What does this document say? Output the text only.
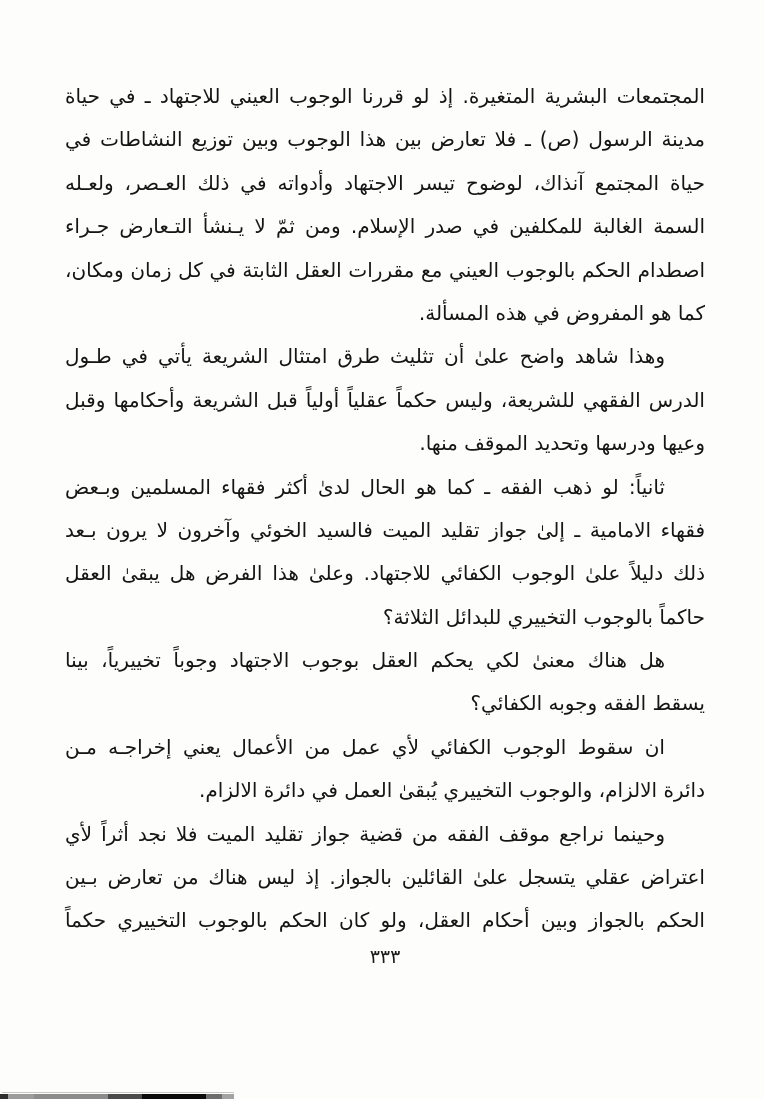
المجتمعات البشرية المتغيرة. إذ لو قررنا الوجوب العيني للاجتهاد ـ في حياة
مدينة الرسول (ص) ـ فلا تعارض بين هذا الوجوب وبين توزيع النشاطات في
حياة المجتمع آنذاك، لوضوح تيسر الاجتهاد وأدواته في ذلك العـصر، ولعـله
السمة الغالبة للمكلفين في صدر الإسلام. ومن ثمّ لا يـنشأ التـعارض جـراء
اصطدام الحكم بالوجوب العيني مع مقررات العقل الثابتة في كل زمان ومكان،
كما هو المفروض في هذه المسألة.
وهذا شاهد واضح علىٰ أن تثليث طرق امتثال الشريعة يأتي في طـول
الدرس الفقهي للشريعة، وليس حكماً عقلياً أولياً قبل الشريعة وأحكامها وقبل
وعيها ودرسها وتحديد الموقف منها.
ثانياً: لو ذهب الفقه ـ كما هو الحال لدىٰ أكثر فقهاء المسلمين وبـعض
فقهاء الامامية ـ إلىٰ جواز تقليد الميت فالسيد الخوئي وآخرون لا يرون بـعد
ذلك دليلاً علىٰ الوجوب الكفائي للاجتهاد. وعلىٰ هذا الفرض هل يبقىٰ العقل
حاكماً بالوجوب التخييري للبدائل الثلاثة؟
هل هناك معنىٰ لكي يحكم العقل بوجوب الاجتهاد وجوباً تخييرياً، بينا
يسقط الفقه وجوبه الكفائي؟
ان سقوط الوجوب الكفائي لأي عمل من الأعمال يعني إخراجـه مـن
دائرة الالزام، والوجوب التخييري يُبقىٰ العمل في دائرة الالزام.
وحينما نراجع موقف الفقه من قضية جواز تقليد الميت فلا نجد أثراً لأي
اعتراض عقلي يتسجل علىٰ القائلين بالجواز. إذ ليس هناك من تعارض بـين
الحكم بالجواز وبين أحكام العقل، ولو كان الحكم بالوجوب التخييري حكماً
٣٣٣
